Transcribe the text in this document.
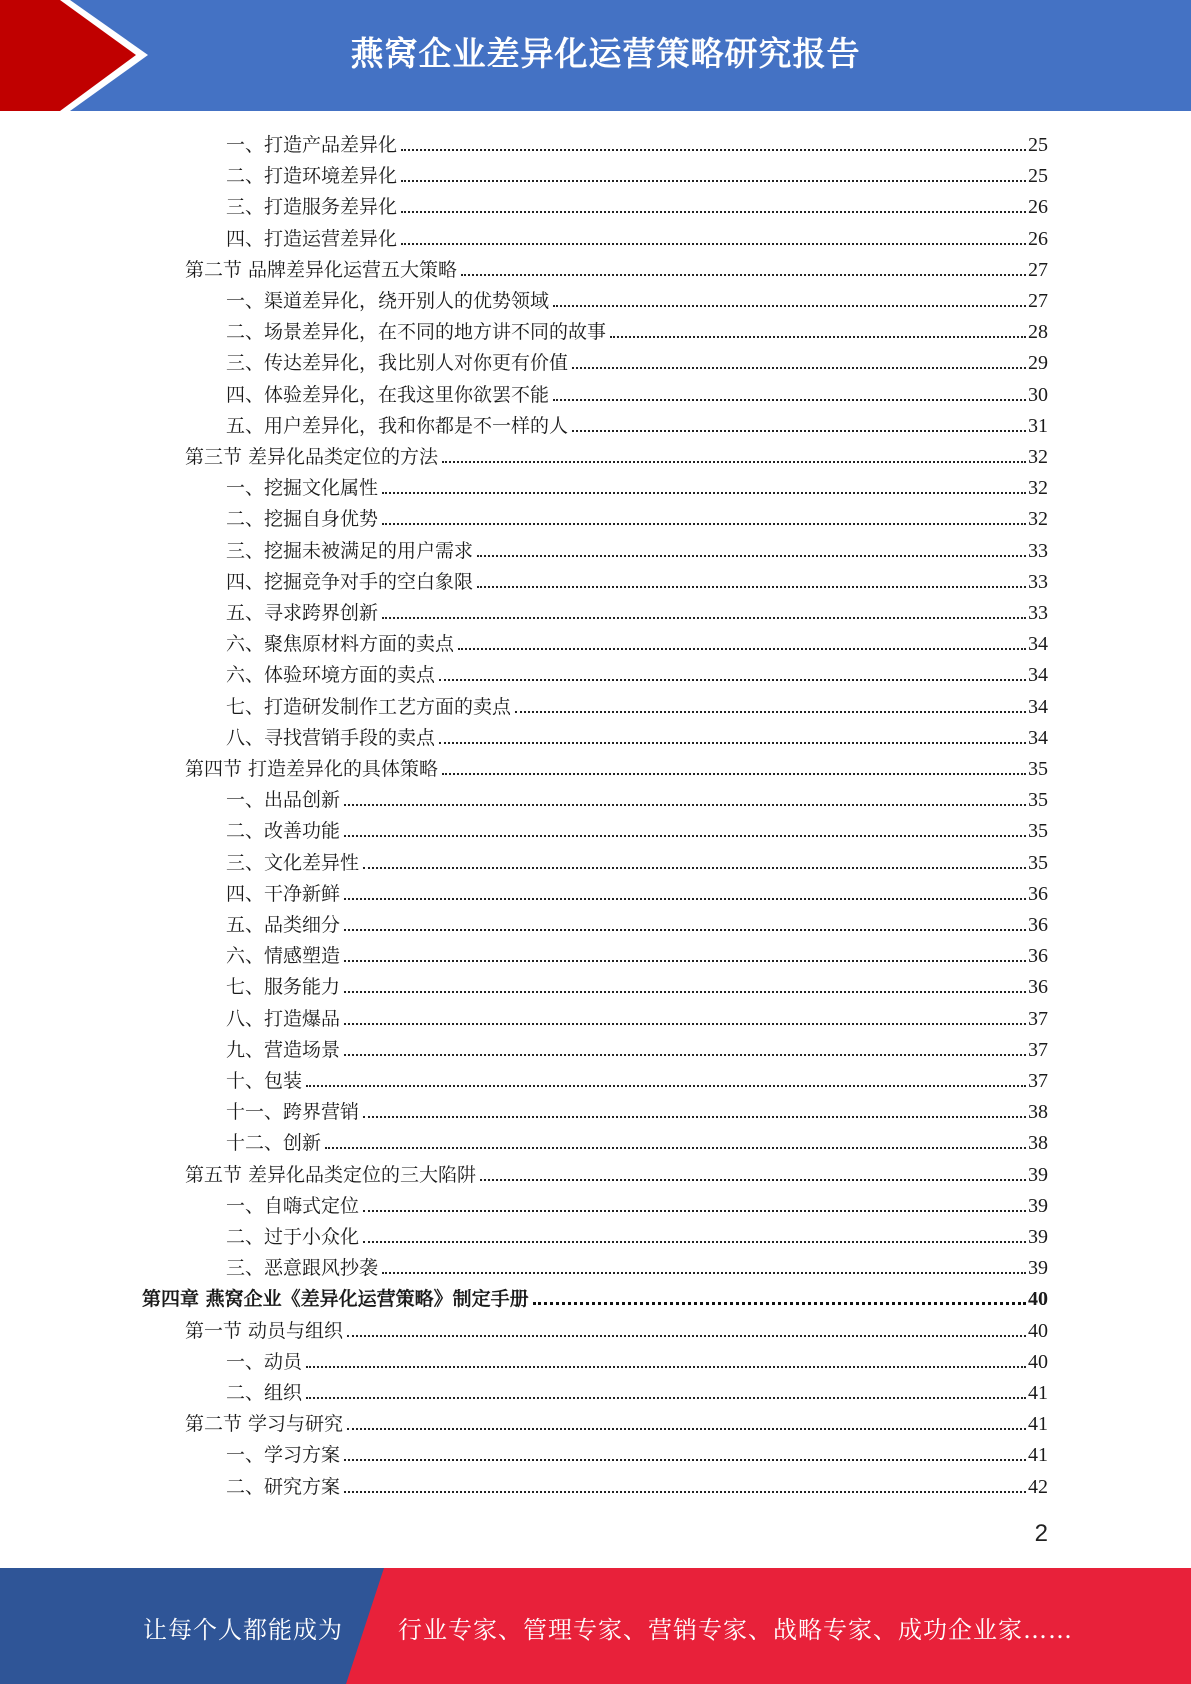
燕窝企业差异化运营策略研究报告
一、打造产品差异化	25
二、打造环境差异化	25
三、打造服务差异化	26
四、打造运营差异化	26
第二节 品牌差异化运营五大策略	27
一、渠道差异化，绕开别人的优势领域	27
二、场景差异化，在不同的地方讲不同的故事	28
三、传达差异化，我比别人对你更有价值	29
四、体验差异化，在我这里你欲罢不能	30
五、用户差异化，我和你都是不一样的人	31
第三节 差异化品类定位的方法	32
一、挖掘文化属性	32
二、挖掘自身优势	32
三、挖掘未被满足的用户需求	33
四、挖掘竞争对手的空白象限	33
五、寻求跨界创新	33
六、聚焦原材料方面的卖点	34
六、体验环境方面的卖点	34
七、打造研发制作工艺方面的卖点	34
八、寻找营销手段的卖点	34
第四节 打造差异化的具体策略	35
一、出品创新	35
二、改善功能	35
三、文化差异性	35
四、干净新鲜	36
五、品类细分	36
六、情感塑造	36
七、服务能力	36
八、打造爆品	37
九、营造场景	37
十、包装	37
十一、跨界营销	38
十二、创新	38
第五节 差异化品类定位的三大陷阱	39
一、自嗨式定位	39
二、过于小众化	39
三、恶意跟风抄袭	39
第四章 燕窝企业《差异化运营策略》制定手册	40
第一节 动员与组织	40
一、动员	40
二、组织	41
第二节 学习与研究	41
一、学习方案	41
二、研究方案	42
2
让每个人都能成为 行业专家、管理专家、营销专家、战略专家、成功企业家……
